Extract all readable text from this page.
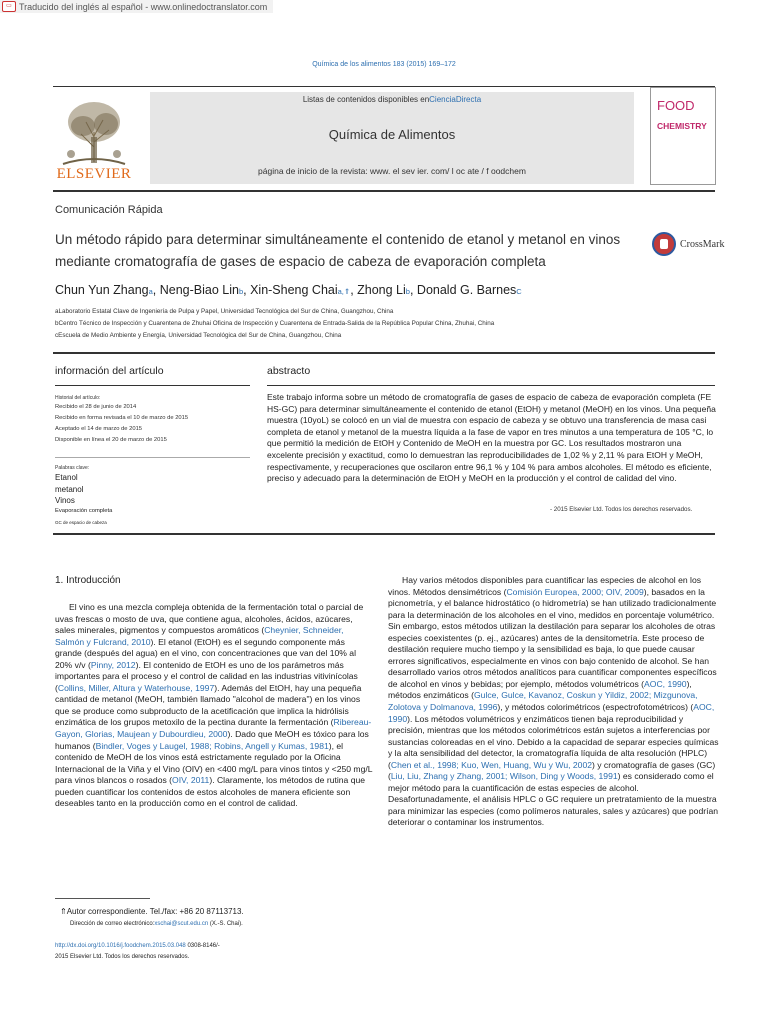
▭ Traducido del inglés al español - www.onlinedoctranslator.com
Química de los alimentos 183 (2015) 169–172
ELSEVIER
Listas de contenidos disponibles enCienciaDirecta
Química de Alimentos
página de inicio de la revista: www. el sev ier. com/ l oc ate / f oodchem
FOOD
CHEMISTRY
Comunicación Rápida
Un método rápido para determinar simultáneamente el contenido de etanol y metanol en vinos mediante cromatografía de gases de espacio de cabeza de evaporación completa
CrossMark
Chun Yun Zhanga, Neng-Biao Linb, Xin-Sheng Chaia,⇑, Zhong Lib, Donald G. BarnesC
aLaboratorio Estatal Clave de Ingeniería de Pulpa y Papel, Universidad Tecnológica del Sur de China, Guangzhou, China
bCentro Técnico de Inspección y Cuarentena de Zhuhai Oficina de Inspección y Cuarentena de Entrada-Salida de la República Popular China, Zhuhai, China
cEscuela de Medio Ambiente y Energía, Universidad Tecnológica del Sur de China, Guangzhou, China
información del artículo	abstracto
Historial del artículo:
Recibido el 28 de junio de 2014
Recibido en forma revisada el 10 de marzo de 2015
Aceptado el 14 de marzo de 2015
Disponible en línea el 20 de marzo de 2015
Palabras clave:
Etanol
metanol
Vinos
Evaporación completa
GC de espacio de cabeza
Este trabajo informa sobre un método de cromatografía de gases de espacio de cabeza de evaporación completa (FE HS-GC) para determinar simultáneamente el contenido de etanol (EtOH) y metanol (MeOH) en los vinos. Una pequeña muestra (10yoL) se colocó en un vial de muestra con espacio de cabeza y se obtuvo una transferencia de masa casi completa de etanol y metanol de la muestra líquida a la fase de vapor en tres minutos a una temperatura de 105 °C, lo que permitió la medición de EtOH y Contenido de MeOH en la muestra por GC. Los resultados mostraron una excelente precisión y exactitud, como lo demuestran las reproducibilidades de 1,02 % y 2,11 % para EtOH y MeOH, respectivamente, y recuperaciones que oscilaron entre 96,1 % y 104 % para ambos alcoholes. El método es eficiente, preciso y adecuado para la determinación de EtOH y MeOH en la producción y el control de calidad del vino.
- 2015 Elsevier Ltd. Todos los derechos reservados.
1. Introducción

El vino es una mezcla compleja obtenida de la fermentación total o parcial de uvas frescas o mosto de uva, que contiene agua, alcoholes, ácidos, azúcares, sales minerales, pigmentos y compuestos aromáticos (Cheynier, Schneider, Salmón y Fulcrand, 2010). El etanol (EtOH) es el segundo componente más grande (después del agua) en el vino, con concentraciones que van del 10% al 20% v/v (Pinny, 2012). El contenido de EtOH es uno de los parámetros más importantes para el proceso y el control de calidad en las industrias vitivinícolas (Collins, Miller, Altura y Waterhouse, 1997). Además del EtOH, hay una pequeña cantidad de metanol (MeOH, también llamado "alcohol de madera") en los vinos que se produce como subproducto de la acetificación que implica la hidrólisis enzimática de los grupos metoxilo de la pectina durante la fermentación (Ribereau-Gayon, Glorias, Maujean y Dubourdieu, 2000). Dado que MeOH es tóxico para los humanos (Bindler, Voges y Laugel, 1988; Robins, Angell y Kumas, 1981), el contenido de MeOH de los vinos está estrictamente regulado por la Oficina Internacional de la Viña y el Vino (OIV) en <400 mg/L para vinos tintos y <250 mg/L para vinos blancos o rosados (OIV, 2011). Claramente, los métodos de rutina que pueden cuantificar los contenidos de estos alcoholes de manera eficiente son deseables tanto en la producción como en el control de calidad.

Hay varios métodos disponibles para cuantificar las especies de alcohol en los vinos. Métodos densimétricos (Comisión Europea, 2000; OIV, 2009), basados en la picnometría, y el balance hidrostático (o hidrometría) se han utilizado tradicionalmente para la determinación de los alcoholes en el vino, medidos en porcentaje volumétrico. Sin embargo, estos métodos utilizan la destilación para separar los alcoholes de otras especies coexistentes (p. ej., azúcares) antes de la densitometría. Este proceso de destilación requiere mucho tiempo y la sensibilidad es baja, lo que puede causar errores significativos, especialmente en vinos con bajo contenido de alcohol. Se han desarrollado varios otros métodos analíticos para cuantificar componentes específicos de alcohol en vinos y bebidas; por ejemplo, métodos volumétricos (AOC, 1990), métodos enzimáticos (Gulce, Gulce, Kavanoz, Coskun y Yildiz, 2002; Mizgunova, Zolotova y Dolmanova, 1996), y métodos colorimétricos (espectrofotométricos) (AOC, 1990). Los métodos volumétricos y enzimáticos tienen baja reproducibilidad y precisión, mientras que los métodos colorimétricos están sujetos a interferencias por sustancias coloreadas en el vino. Debido a la capacidad de separar especies químicas y la alta sensibilidad del detector, la cromatografía líquida de alta resolución (HPLC) (Chen et al., 1998; Kuo, Wen, Huang, Wu y Wu, 2002) y cromatografía de gases (GC) (Liu, Liu, Zhang y Zhang, 2001; Wilson, Ding y Woods, 1991) es considerado como el mejor método para la cuantificación de estas especies de alcohol. Desafortunadamente, el análisis HPLC o GC requiere un pretratamiento de la muestra para minimizar las especies (como polímeros naturales, sales y azúcares) que podrían deteriorar o contaminar los instrumentos.

⇑Autor correspondiente. Tel./fax: +86 20 87113713.
Dirección de correo electrónico:xschai@scut.edu.cn (X.-S. Chai).
http://dx.doi.org/10.1016/j.foodchem.2015.03.048 0308-8146/-
2015 Elsevier Ltd. Todos los derechos reservados.
